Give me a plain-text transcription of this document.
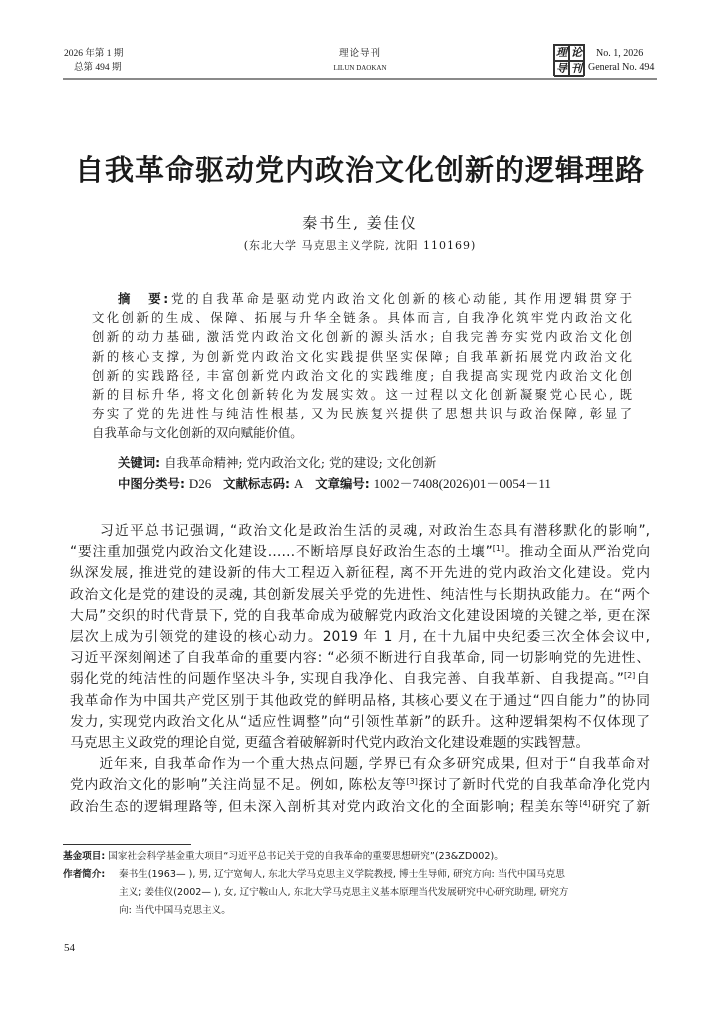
2026 年第 1 期
总第 494 期
理论导刊
LILUN DAOKAN
理 论
导 刊
No. 1, 2026
General No. 494
自我革命驱动党内政治文化创新的逻辑理路
秦书生, 姜佳仪
(东北大学 马克思主义学院, 沈阳 110169)
摘　要:党的自我革命是驱动党内政治文化创新的核心动能, 其作用逻辑贯穿于
文化创新的生成、保障、拓展与升华全链条。具体而言, 自我净化筑牢党内政治文化
创新的动力基础, 激活党内政治文化创新的源头活水; 自我完善夯实党内政治文化创
新的核心支撑, 为创新党内政治文化实践提供坚实保障; 自我革新拓展党内政治文化
创新的实践路径, 丰富创新党内政治文化的实践维度; 自我提高实现党内政治文化创
新的目标升华, 将文化创新转化为发展实效。这一过程以文化创新凝聚党心民心, 既
夯实了党的先进性与纯洁性根基, 又为民族复兴提供了思想共识与政治保障, 彰显了
自我革命与文化创新的双向赋能价值。
关键词: 自我革命精神; 党内政治文化; 党的建设; 文化创新
中图分类号: D26 文献标志码: A 文章编号: 1002－7408(2026)01－0054－11
　　习近平总书记强调, “政治文化是政治生活的灵魂, 对政治生态具有潜移默化的影响”,
“要注重加强党内政治文化建设……不断培厚良好政治生态的土壤”[1]。推动全面从严治党向
纵深发展, 推进党的建设新的伟大工程迈入新征程, 离不开先进的党内政治文化建设。党内
政治文化是党的建设的灵魂, 其创新发展关乎党的先进性、纯洁性与长期执政能力。在“两个
大局”交织的时代背景下, 党的自我革命成为破解党内政治文化建设困境的关键之举, 更在深
层次上成为引领党的建设的核心动力。2019 年 1 月, 在十九届中央纪委三次全体会议中,
习近平深刻阐述了自我革命的重要内容: “必须不断进行自我革命, 同一切影响党的先进性、
弱化党的纯洁性的问题作坚决斗争, 实现自我净化、自我完善、自我革新、自我提高。”[2]自
我革命作为中国共产党区别于其他政党的鲜明品格, 其核心要义在于通过“四自能力”的协同
发力, 实现党内政治文化从“适应性调整”向“引领性革新”的跃升。这种逻辑架构不仅体现了
马克思主义政党的理论自觉, 更蕴含着破解新时代党内政治文化建设难题的实践智慧。
　　近年来, 自我革命作为一个重大热点问题, 学界已有众多研究成果, 但对于“自我革命对
党内政治文化的影响”关注尚显不足。例如, 陈松友等[3]探讨了新时代党的自我革命净化党内
政治生态的逻辑理路等, 但未深入剖析其对党内政治文化的全面影响; 程美东等[4]研究了新
基金项目: 国家社会科学基金重大项目“习近平总书记关于党的自我革命的重要思想研究”(23&ZD002)。
作者简介: 秦书生(1963— ), 男, 辽宁宽甸人, 东北大学马克思主义学院教授, 博士生导师, 研究方向: 当代中国马克思
主义; 姜佳仪(2002— ), 女, 辽宁鞍山人, 东北大学马克思主义基本原理当代发展研究中心研究助理, 研究方
向: 当代中国马克思主义。
54
